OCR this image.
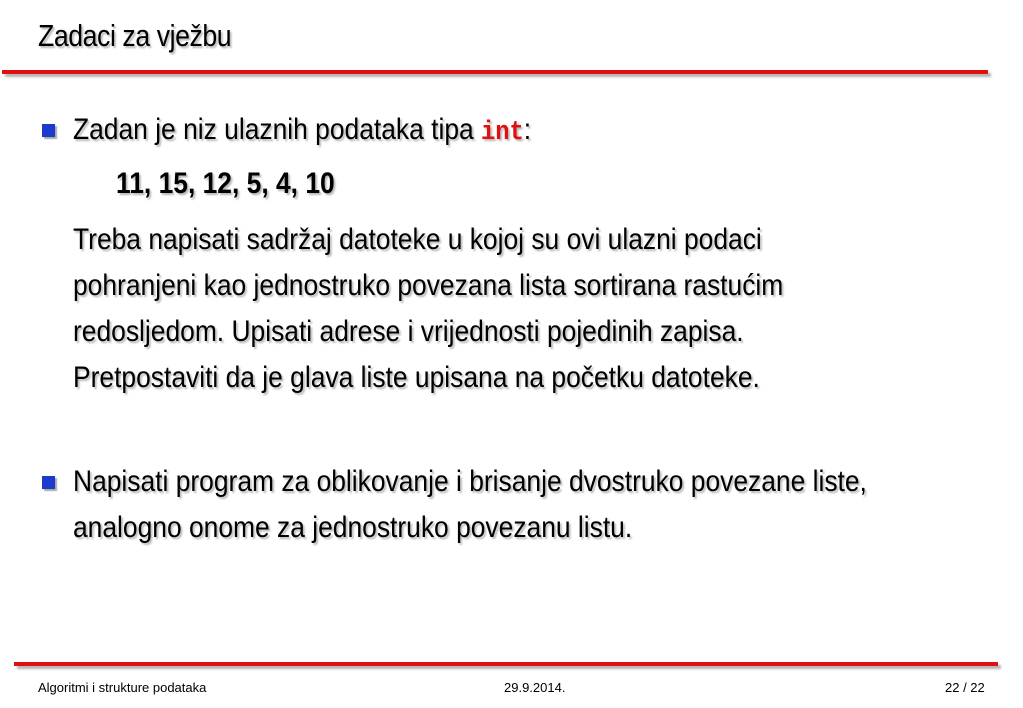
Zadaci za vježbu
Zadan je niz ulaznih podataka tipa int:
11, 15, 12, 5, 4, 10
Treba napisati sadržaj datoteke u kojoj su ovi ulazni podaci
pohranjeni kao jednostruko povezana lista sortirana rastućim
redosljedom. Upisati adrese i vrijednosti pojedinih zapisa.
Pretpostaviti da je glava liste upisana na početku datoteke.
Napisati program za oblikovanje i brisanje dvostruko povezane liste,
analogno onome za jednostruko povezanu listu.
Algoritmi i strukture podataka	29.9.2014.	22 / 22
